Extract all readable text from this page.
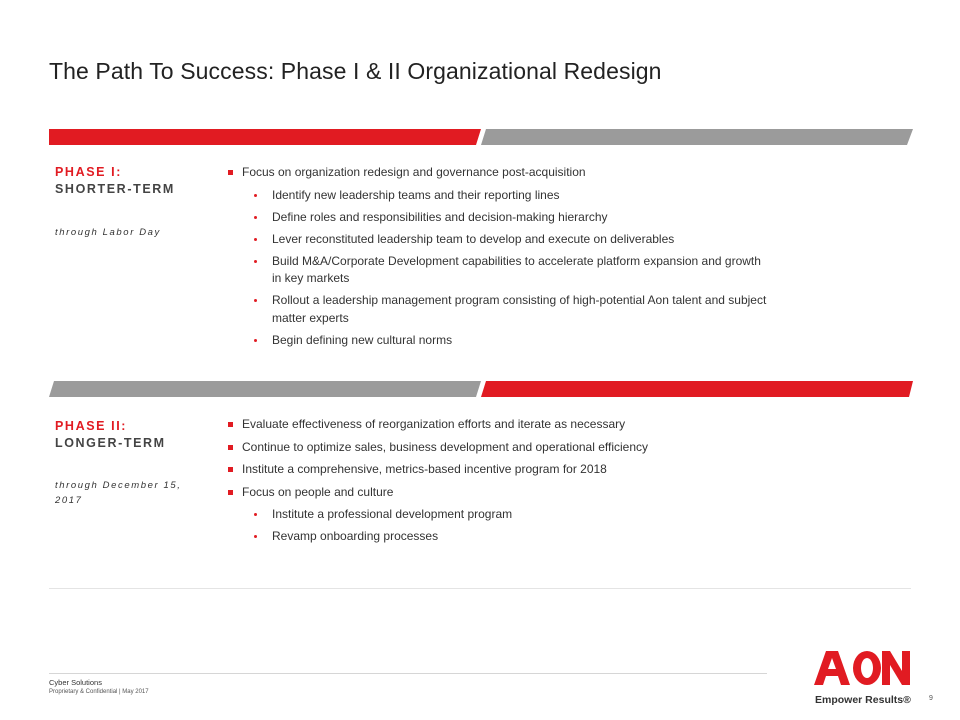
The Path To Success: Phase I & II Organizational Redesign
PHASE I:
SHORTER-TERM
through Labor Day
Focus on organization redesign and governance post-acquisition
Identify new leadership teams and their reporting lines
Define roles and responsibilities and decision-making hierarchy
Lever reconstituted leadership team to develop and execute on deliverables
Build M&A/Corporate Development capabilities to accelerate platform expansion and growth in key markets
Rollout a leadership management program consisting of high-potential Aon talent and subject matter experts
Begin defining new cultural norms
PHASE II:
LONGER-TERM
through December 15, 2017
Evaluate effectiveness of reorganization efforts and iterate as necessary
Continue to optimize sales, business development and operational efficiency
Institute a comprehensive, metrics-based incentive program for 2018
Focus on people and culture
Institute a professional development program
Revamp onboarding processes
Cyber Solutions
Proprietary & Confidential | May 2017
Empower Results®	9
